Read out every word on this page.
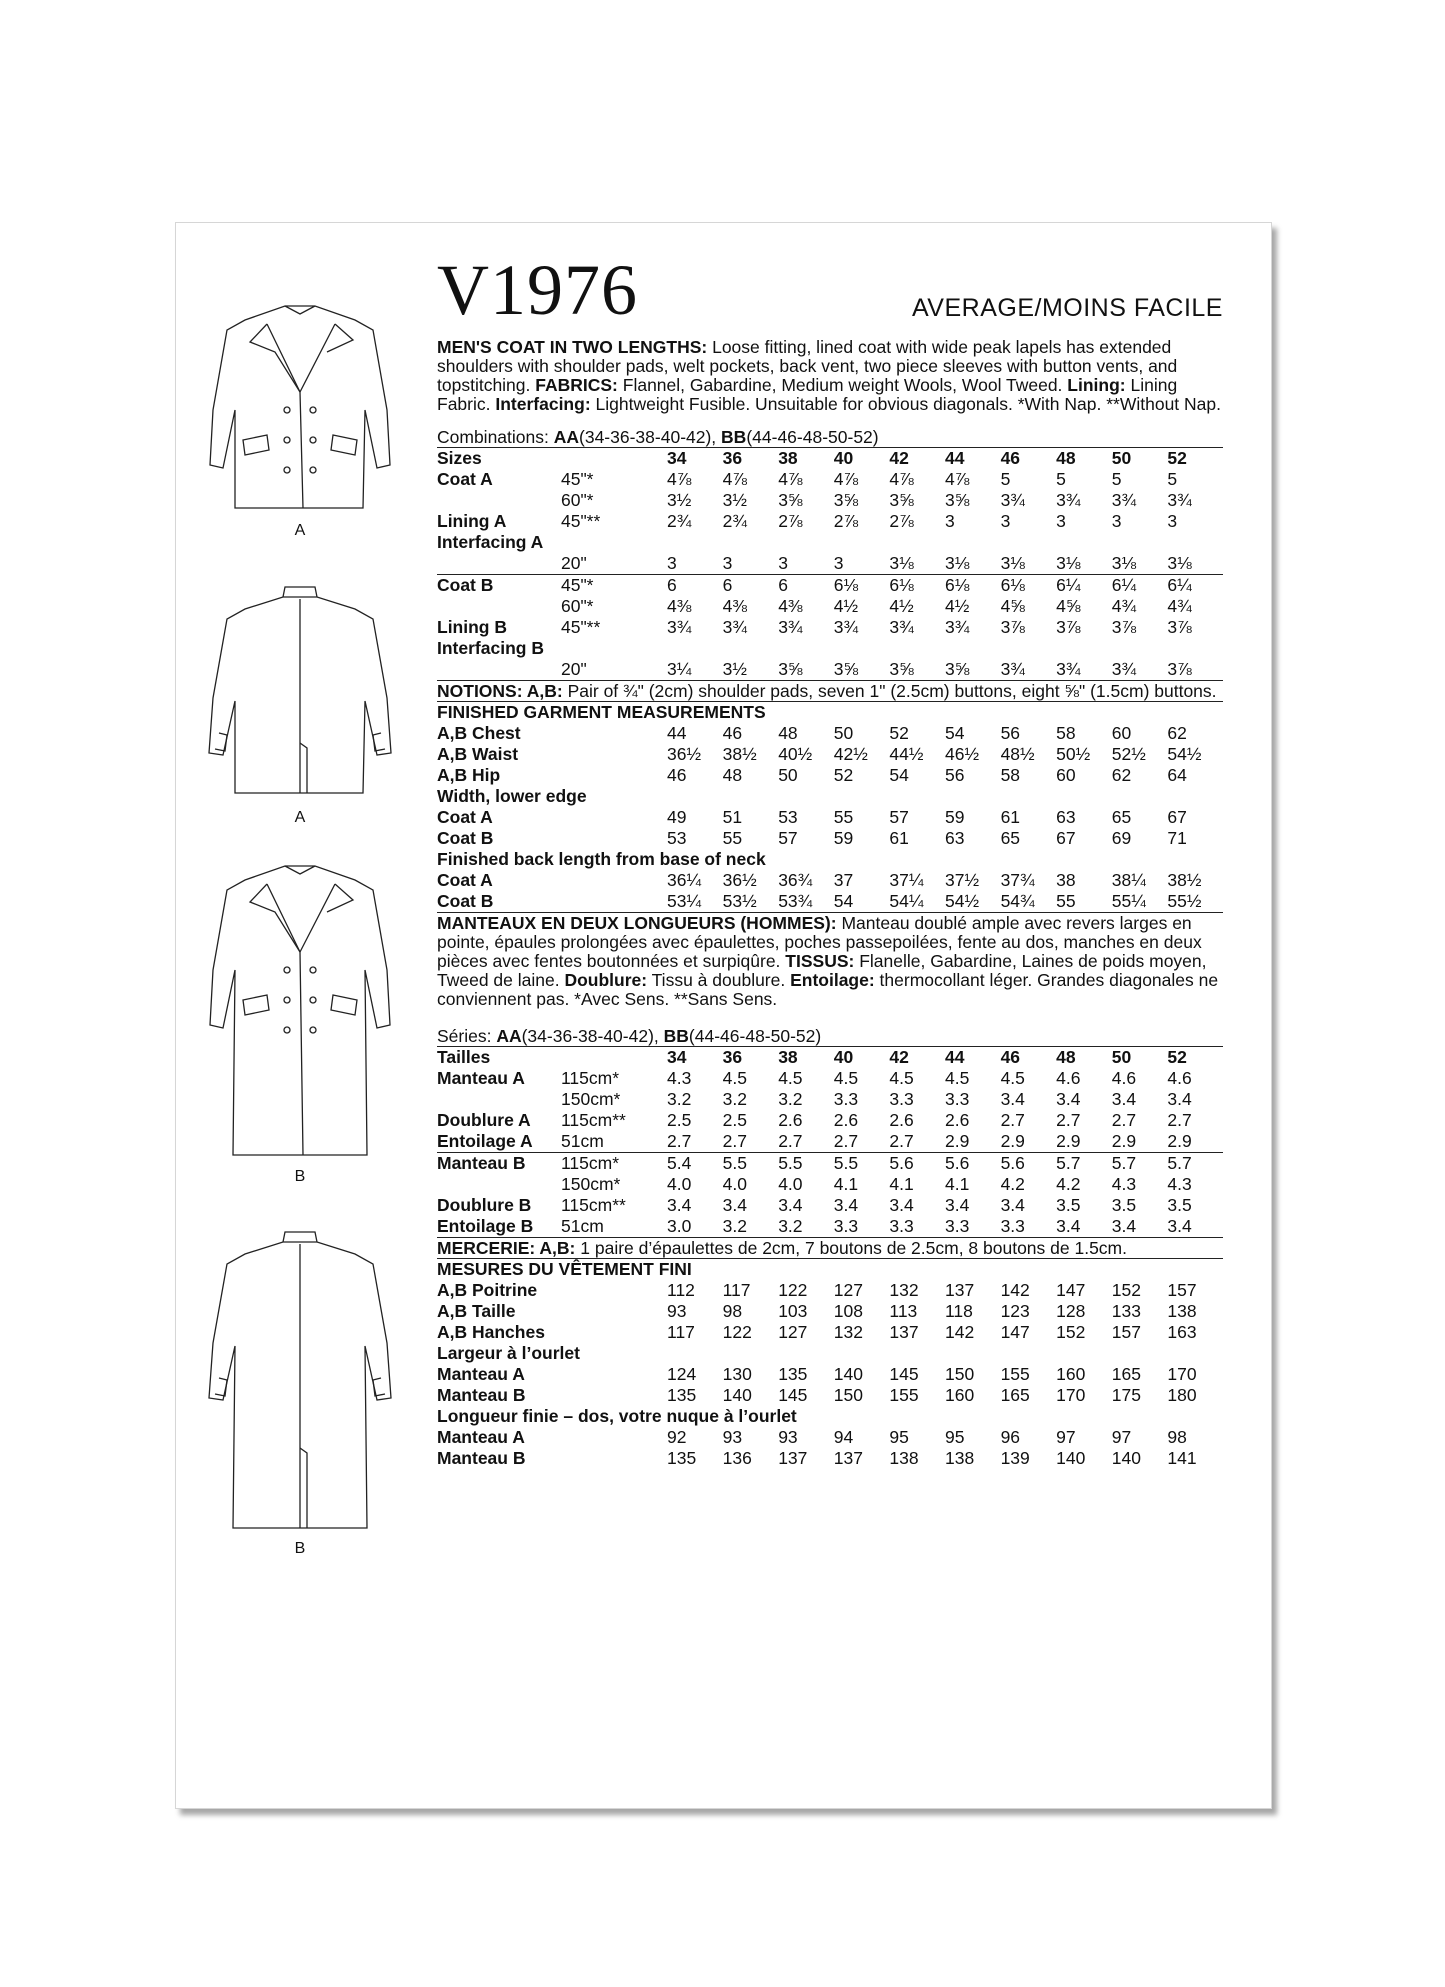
A
A
B
B
V1976	AVERAGE/MOINS FACILE

MEN'S COAT IN TWO LENGTHS: Loose fitting, lined coat with wide peak lapels has extended shoulders with shoulder pads, welt pockets, back vent, two piece sleeves with button vents, and topstitching. FABRICS: Flannel, Gabardine, Medium weight Wools, Wool Tweed. Lining: Lining Fabric. Interfacing: Lightweight Fusible. Unsuitable for obvious diagonals. *With Nap. **Without Nap.

Combinations: AA(34-36-38-40-42), BB(44-46-48-50-52)
Sizes		34	36	38	40	42	44	46	48	50	52
Coat A	45"*	4⅞	4⅞	4⅞	4⅞	4⅞	4⅞	5	5	5	5
	60"*	3½	3½	3⅝	3⅝	3⅝	3⅝	3¾	3¾	3¾	3¾
Lining A	45"**	2¾	2¾	2⅞	2⅞	2⅞	3	3	3	3	3
Interfacing A											
	20"	3	3	3	3	3⅛	3⅛	3⅛	3⅛	3⅛	3⅛
Coat B	45"*	6	6	6	6⅛	6⅛	6⅛	6⅛	6¼	6¼	6¼
	60"*	4⅜	4⅜	4⅜	4½	4½	4½	4⅝	4⅝	4¾	4¾
Lining B	45"**	3¾	3¾	3¾	3¾	3¾	3¾	3⅞	3⅞	3⅞	3⅞
Interfacing B											
	20"	3¼	3½	3⅝	3⅝	3⅝	3⅝	3¾	3¾	3¾	3⅞
NOTIONS: A,B: Pair of ¾" (2cm) shoulder pads, seven 1" (2.5cm) buttons, eight ⅝" (1.5cm) buttons.
FINISHED GARMENT MEASUREMENTS										
A,B Chest	44	46	48	50	52	54	56	58	60	62
A,B Waist	36½	38½	40½	42½	44½	46½	48½	50½	52½	54½
A,B Hip	46	48	50	52	54	56	58	60	62	64
Width, lower edge										
Coat A	49	51	53	55	57	59	61	63	65	67
Coat B	53	55	57	59	61	63	65	67	69	71
Finished back length from base of neck										
Coat A	36¼	36½	36¾	37	37¼	37½	37¾	38	38¼	38½
Coat B	53¼	53½	53¾	54	54¼	54½	54¾	55	55¼	55½

MANTEAUX EN DEUX LONGUEURS (HOMMES): Manteau doublé ample avec revers larges en pointe, épaules prolongées avec épaulettes, poches passepoilées, fente au dos, manches en deux pièces avec fentes boutonnées et surpiqûre. TISSUS: Flanelle, Gabardine, Laines de poids moyen, Tweed de laine. Doublure: Tissu à doublure. Entoilage: thermocollant léger. Grandes diagonales ne conviennent pas. *Avec Sens. **Sans Sens.

Séries: AA(34-36-38-40-42), BB(44-46-48-50-52)
Tailles		34	36	38	40	42	44	46	48	50	52
Manteau A	115cm*	4.3	4.5	4.5	4.5	4.5	4.5	4.5	4.6	4.6	4.6
	150cm*	3.2	3.2	3.2	3.3	3.3	3.3	3.4	3.4	3.4	3.4
Doublure A	115cm**	2.5	2.5	2.6	2.6	2.6	2.6	2.7	2.7	2.7	2.7
Entoilage A	51cm	2.7	2.7	2.7	2.7	2.7	2.9	2.9	2.9	2.9	2.9
Manteau B	115cm*	5.4	5.5	5.5	5.5	5.6	5.6	5.6	5.7	5.7	5.7
	150cm*	4.0	4.0	4.0	4.1	4.1	4.1	4.2	4.2	4.3	4.3
Doublure B	115cm**	3.4	3.4	3.4	3.4	3.4	3.4	3.4	3.5	3.5	3.5
Entoilage B	51cm	3.0	3.2	3.2	3.3	3.3	3.3	3.3	3.4	3.4	3.4
MERCERIE: A,B: 1 paire d’épaulettes de 2cm, 7 boutons de 2.5cm, 8 boutons de 1.5cm.
MESURES DU VÊTEMENT FINI										
A,B Poitrine	112	117	122	127	132	137	142	147	152	157
A,B Taille	93	98	103	108	113	118	123	128	133	138
A,B Hanches	117	122	127	132	137	142	147	152	157	163
Largeur à l’ourlet										
Manteau A	124	130	135	140	145	150	155	160	165	170
Manteau B	135	140	145	150	155	160	165	170	175	180
Longueur finie – dos, votre nuque à l’ourlet										
Manteau A	92	93	93	94	95	95	96	97	97	98
Manteau B	135	136	137	137	138	138	139	140	140	141
